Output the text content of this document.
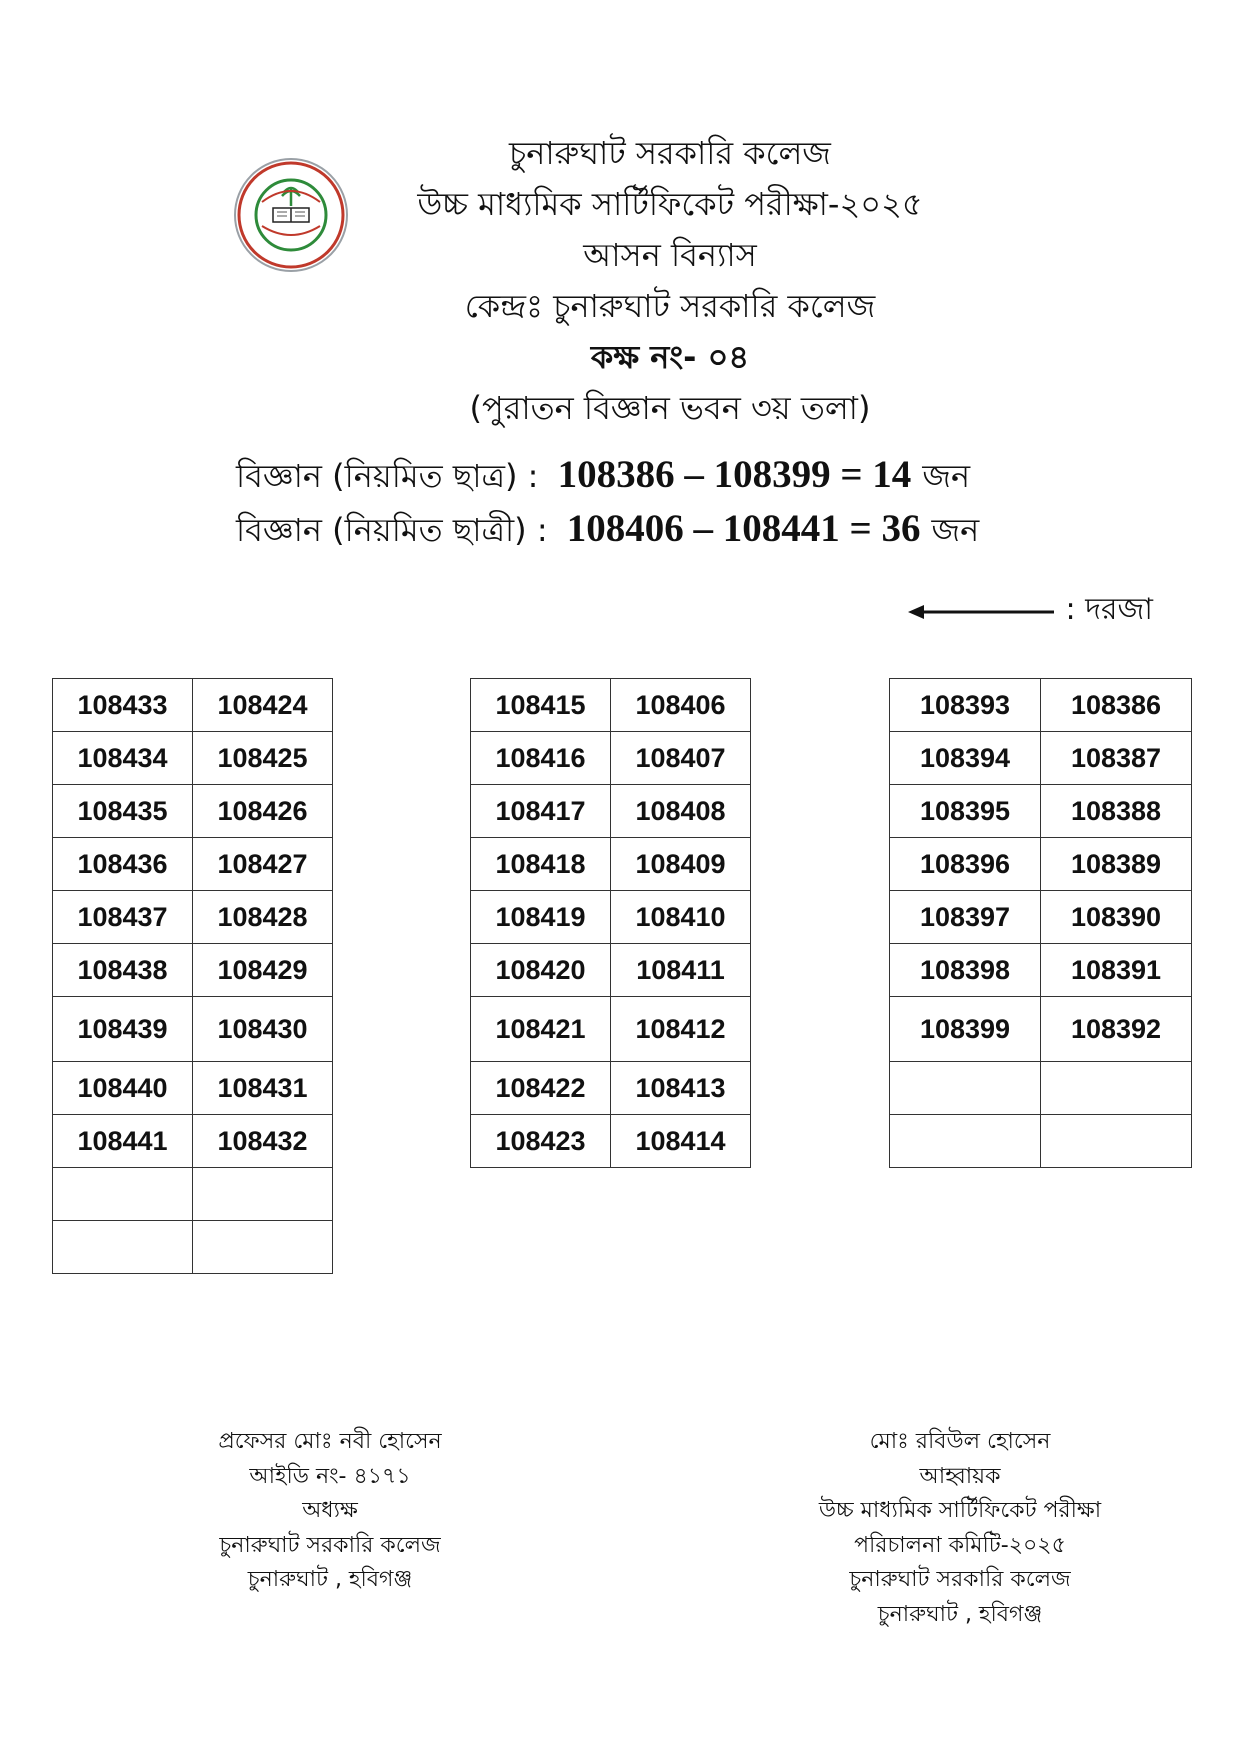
চুনারুঘাট সরকারি কলেজ
উচ্চ মাধ্যমিক সার্টিফিকেট পরীক্ষা-২০২৫
আসন বিন্যাস
কেন্দ্রঃ চুনারুঘাট সরকারি কলেজ
কক্ষ নং- ০৪
(পুরাতন বিজ্ঞান ভবন ৩য় তলা)
বিজ্ঞান (নিয়মিত ছাত্র) : 108386 – 108399 = 14 জন
বিজ্ঞান (নিয়মিত ছাত্রী) : 108406 – 108441 = 36 জন
: দরজা
108433	108424
108434	108425
108435	108426
108436	108427
108437	108428
108438	108429
108439	108430
108440	108431
108441	108432

108415	108406
108416	108407
108417	108408
108418	108409
108419	108410
108420	108411
108421	108412
108422	108413
108423	108414
108393	108386
108394	108387
108395	108388
108396	108389
108397	108390
108398	108391
108399	108392

প্রফেসর মোঃ নবী হোসেন
আইডি নং- ৪১৭১
অধ্যক্ষ
চুনারুঘাট সরকারি কলেজ
চুনারুঘাট , হবিগঞ্জ
মোঃ রবিউল হোসেন
আহ্বায়ক
উচ্চ মাধ্যমিক সার্টিফিকেট পরীক্ষা
পরিচালনা কমিটি-২০২৫
চুনারুঘাট সরকারি কলেজ
চুনারুঘাট , হবিগঞ্জ
